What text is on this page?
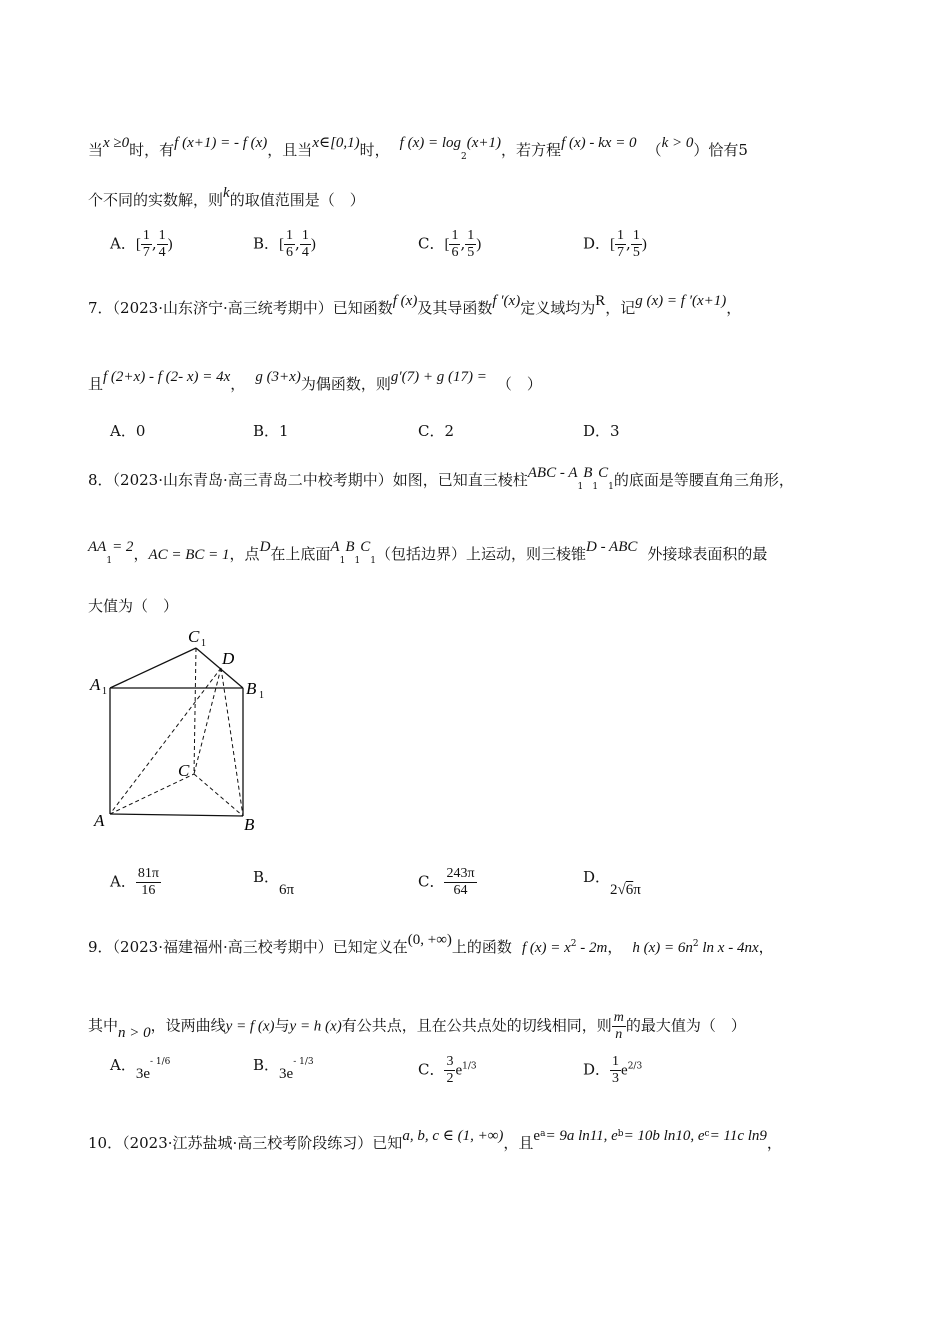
当x ≥0时，有f (x+1) = - f (x)，且当x∈[0,1)时， f $(x) = \log_2(x+1)$，若方程f (x) - kx = 0 （k > 0）恰有5
个不同的实数解，则k的取值范围是（　）
A．[ $\frac{1}{7}$ , $\frac{1}{4}$ )	B．[ $\frac{1}{6}$ , $\frac{1}{4}$ )	C．[ $\frac{1}{6}$ , $\frac{1}{5}$ )	D．[ $\frac{1}{7}$ , $\frac{1}{5}$ )
7．（2023·山东济宁·高三统考期中）已知函数f (x)及其导函数f ′(x)定义域均为R，记g (x) = f ′(x+1)，
且f (2+x) - f (2- x) = 4x， g (3+x)为偶函数，则g′(7) + g (17) = （　）
A．0	B．1	C．2	D．3
8．（2023·山东青岛·高三青岛二中校考期中）如图，已知直三棱柱ABC - $A_1B_1C_1$的底面是等腰直角三角形，
$AA_1= 2$，AC = BC = 1，点D在上底面$A_1B_1C_1$（包括边界）上运动，则三棱锥D - ABC 外接球表面积的最
大值为（　）
C 1
D
A 1	B 1
C
A	B
A． $\frac{81\pi}{16}$	B．6π	C． $\frac{243\pi}{64}$	D．2√6π
9．（2023·福建福州·高三校考期中）已知定义在(0, +∞)上的函数 f $(x) = x^2 - 2m$， h $(x) = 6n^2$ ln x - 4nx，
其中n > 0，设两曲线y = f (x)与y = h (x)有公共点，且在公共点处的切线相同，则 $\frac{m}{n}$ 的最大值为（　）
A．$3e^{- 1/6}$	B．$3e^{- 1/3}$	C． $\frac{3}{2} e^{1/3}$	D． $\frac{1}{3} e^{2/3}$
10．（2023·江苏盐城·高三校考阶段练习）已知a, b, c ∈ (1, +∞)，且$e^a= 9a$ ln11, $e^b= 10b$ ln10, $e^c= 11c$ ln9，
